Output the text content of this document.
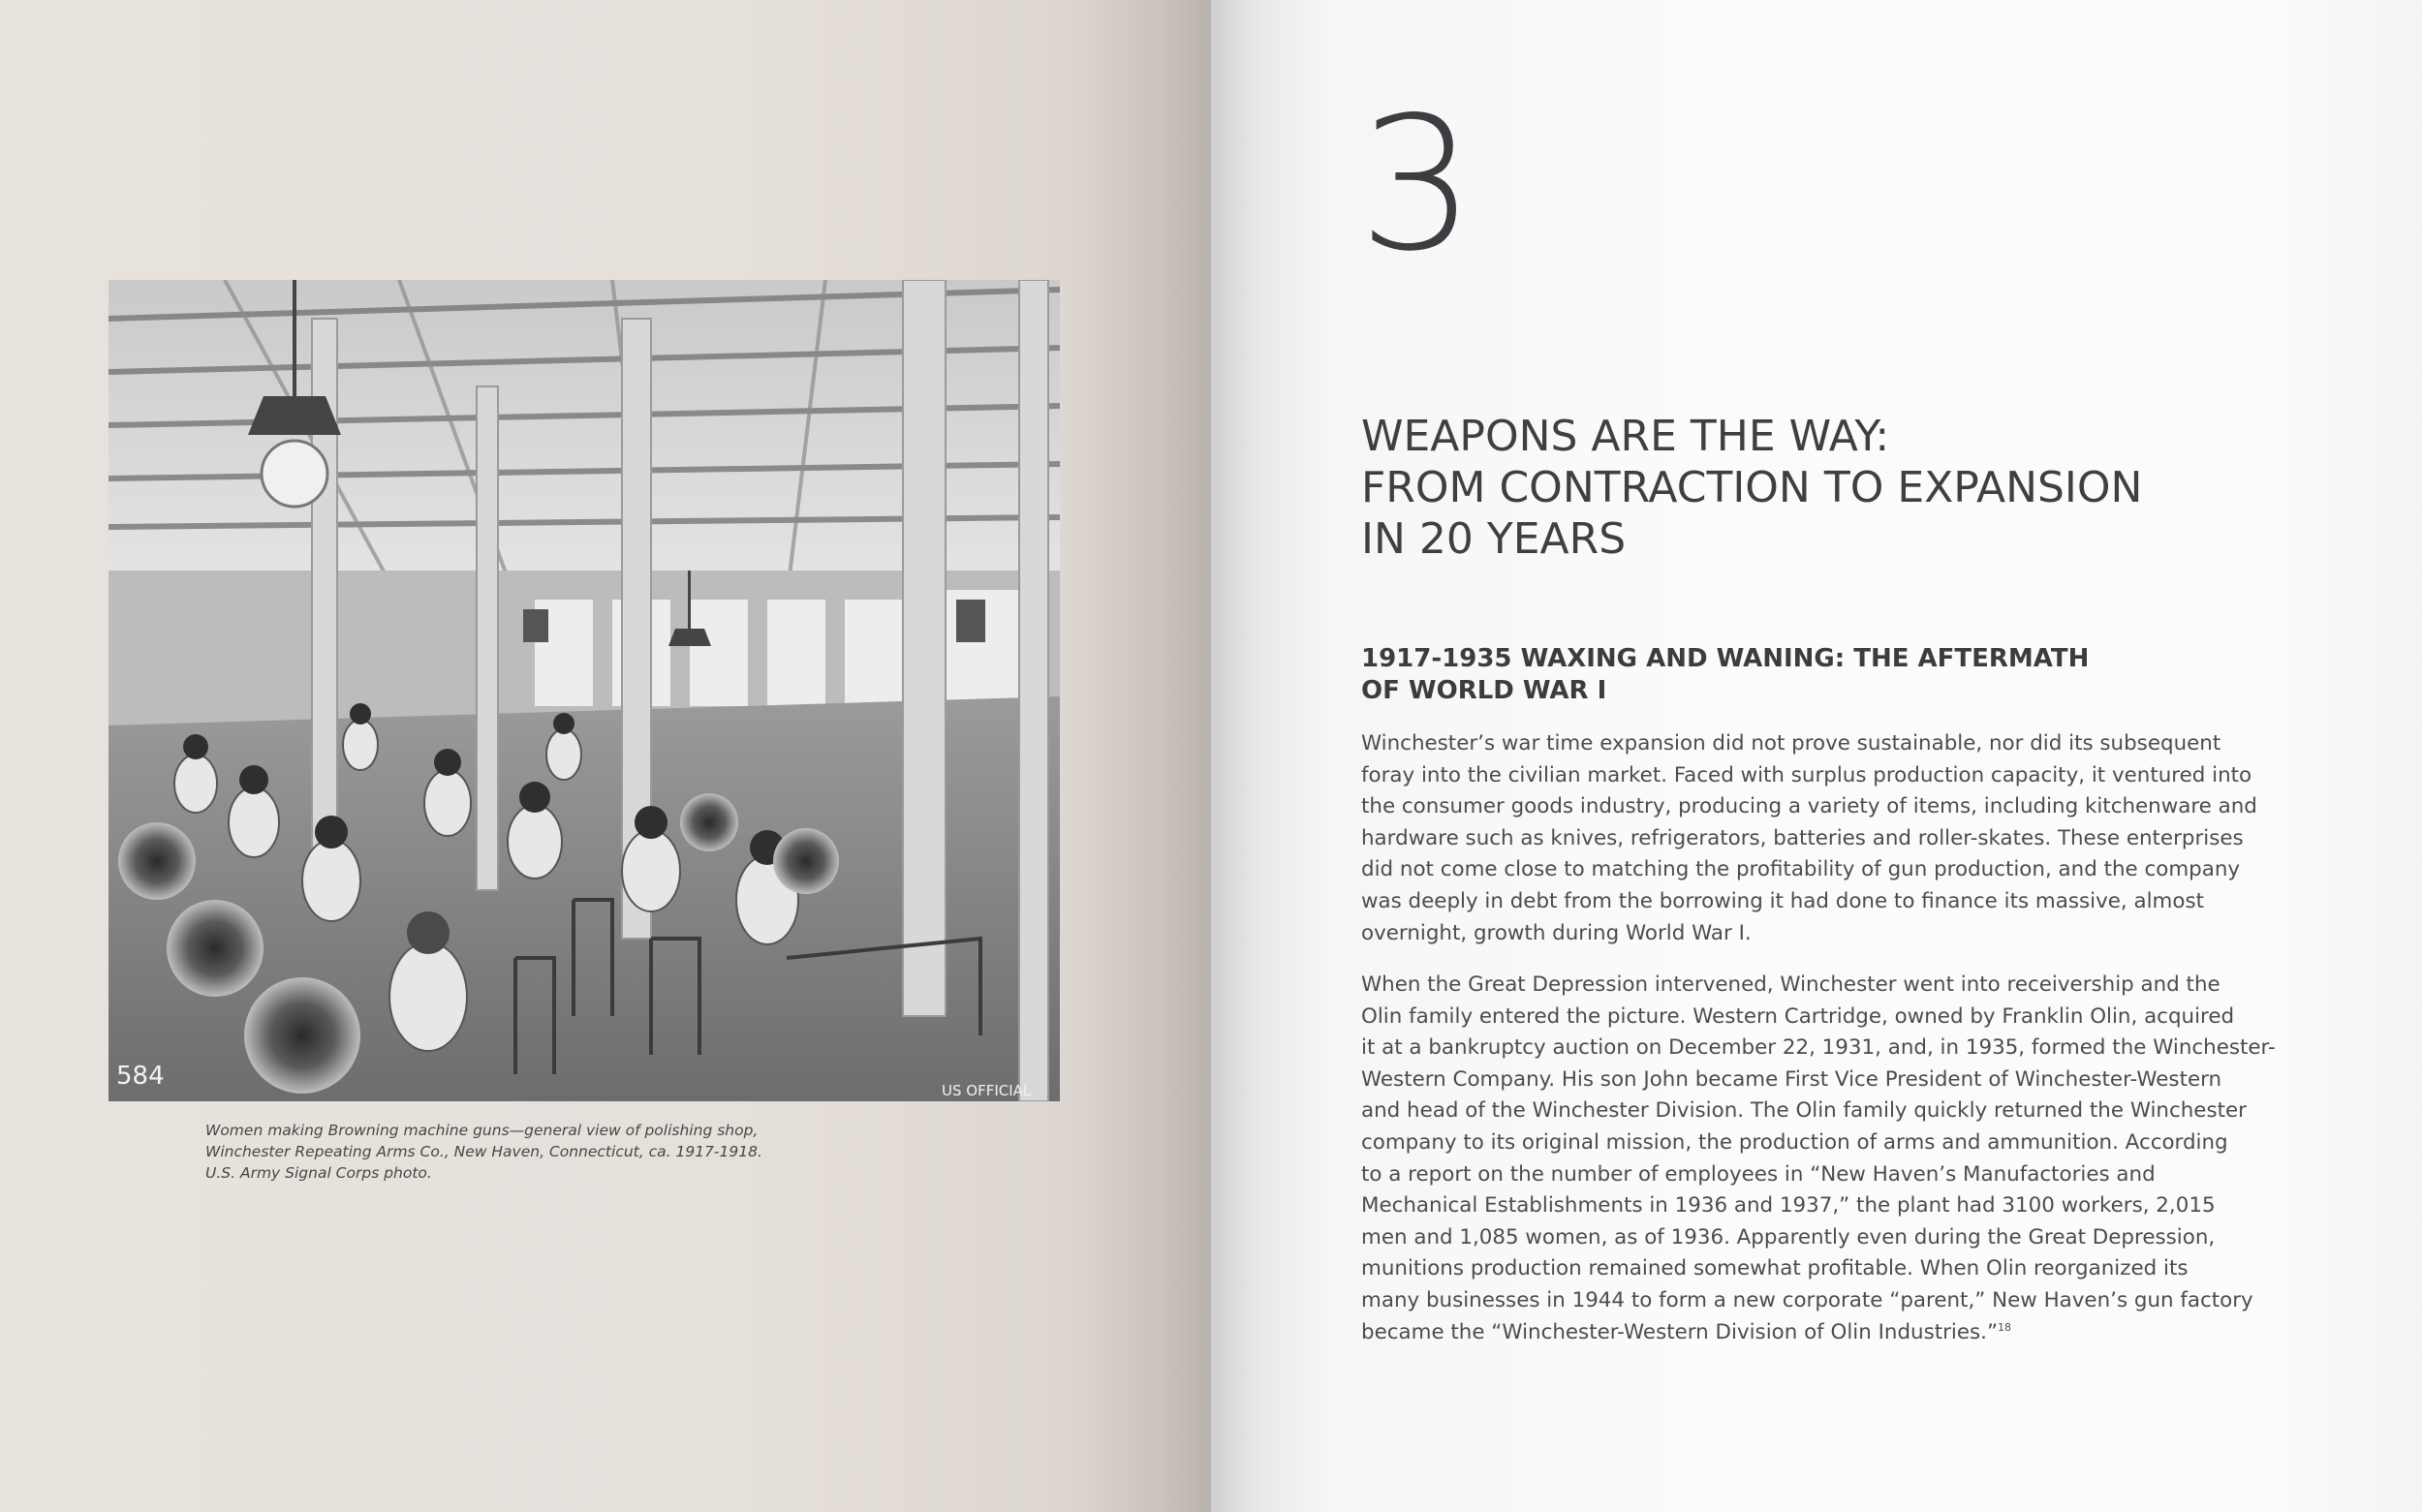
584	US OFFICIAL
Women making Browning machine guns—general view of polishing shop,
Winchester Repeating Arms Co., New Haven, Connecticut, ca. 1917-1918.
U.S. Army Signal Corps photo.
3
WEAPONS ARE THE WAY:
FROM CONTRACTION TO EXPANSION
IN 20 YEARS
1917-1935 WAXING AND WANING: THE AFTERMATH
OF WORLD WAR I
Winchester’s war time expansion did not prove sustainable, nor did its subsequent
foray into the civilian market. Faced with surplus production capacity, it ventured into
the consumer goods industry, producing a variety of items, including kitchenware and
hardware such as knives, refrigerators, batteries and roller-skates. These enterprises
did not come close to matching the profitability of gun production, and the company
was deeply in debt from the borrowing it had done to finance its massive, almost
overnight, growth during World War I.
When the Great Depression intervened, Winchester went into receivership and the
Olin family entered the picture. Western Cartridge, owned by Franklin Olin, acquired
it at a bankruptcy auction on December 22, 1931, and, in 1935, formed the Winchester-
Western Company. His son John became First Vice President of Winchester-Western
and head of the Winchester Division. The Olin family quickly returned the Winchester
company to its original mission, the production of arms and ammunition. According
to a report on the number of employees in “New Haven’s Manufactories and
Mechanical Establishments in 1936 and 1937,” the plant had 3100 workers, 2,015
men and 1,085 women, as of 1936. Apparently even during the Great Depression,
munitions production remained somewhat profitable. When Olin reorganized its
many businesses in 1944 to form a new corporate “parent,” New Haven’s gun factory
became the “Winchester-Western Division of Olin Industries.”$^{18}$
